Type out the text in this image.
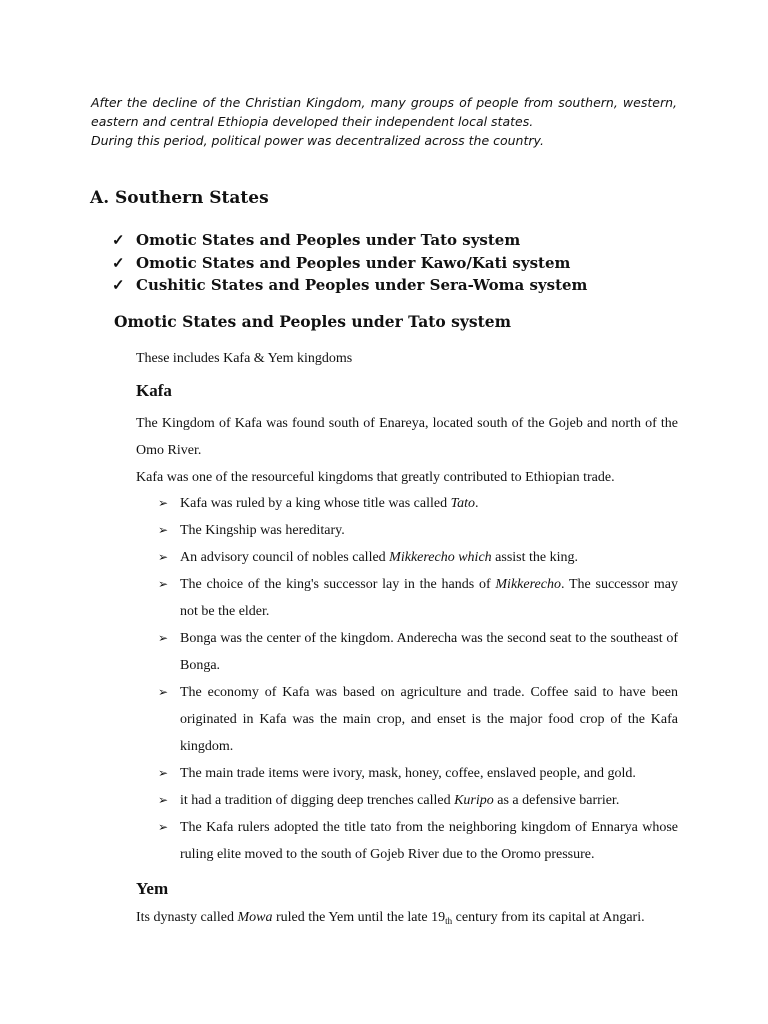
After the decline of the Christian Kingdom, many groups of people from southern, western, eastern and central Ethiopia developed their independent local states.

During this period, political power was decentralized across the country.

A. Southern States
✓ Omotic States and Peoples under Tato system
✓ Omotic States and Peoples under Kawo/Kati system
✓ Cushitic States and Peoples under Sera-Woma system
Omotic States and Peoples under Tato system

These includes Kafa & Yem kingdoms

Kafa

The Kingdom of Kafa was found south of Enareya, located south of the Gojeb and north of the Omo River.

Kafa was one of the resourceful kingdoms that greatly contributed to Ethiopian trade.

➢ Kafa was ruled by a king whose title was called Tato.
➢ The Kingship was hereditary.
➢ An advisory council of nobles called Mikkerecho which assist the king.
➢ The choice of the king's successor lay in the hands of Mikkerecho. The successor may not be the elder.
➢ Bonga was the center of the kingdom. Anderecha was the second seat to the southeast of Bonga.
➢ The economy of Kafa was based on agriculture and trade. Coffee said to have been originated in Kafa was the main crop, and enset is the major food crop of the Kafa kingdom.
➢ The main trade items were ivory, mask, honey, coffee, enslaved people, and gold.
➢ it had a tradition of digging deep trenches called Kuripo as a defensive barrier.
➢ The Kafa rulers adopted the title tato from the neighboring kingdom of Ennarya whose ruling elite moved to the south of Gojeb River due to the Oromo pressure.
Yem

Its dynasty called Mowa ruled the Yem until the late $19_{th}$ century from its capital at Angari.
